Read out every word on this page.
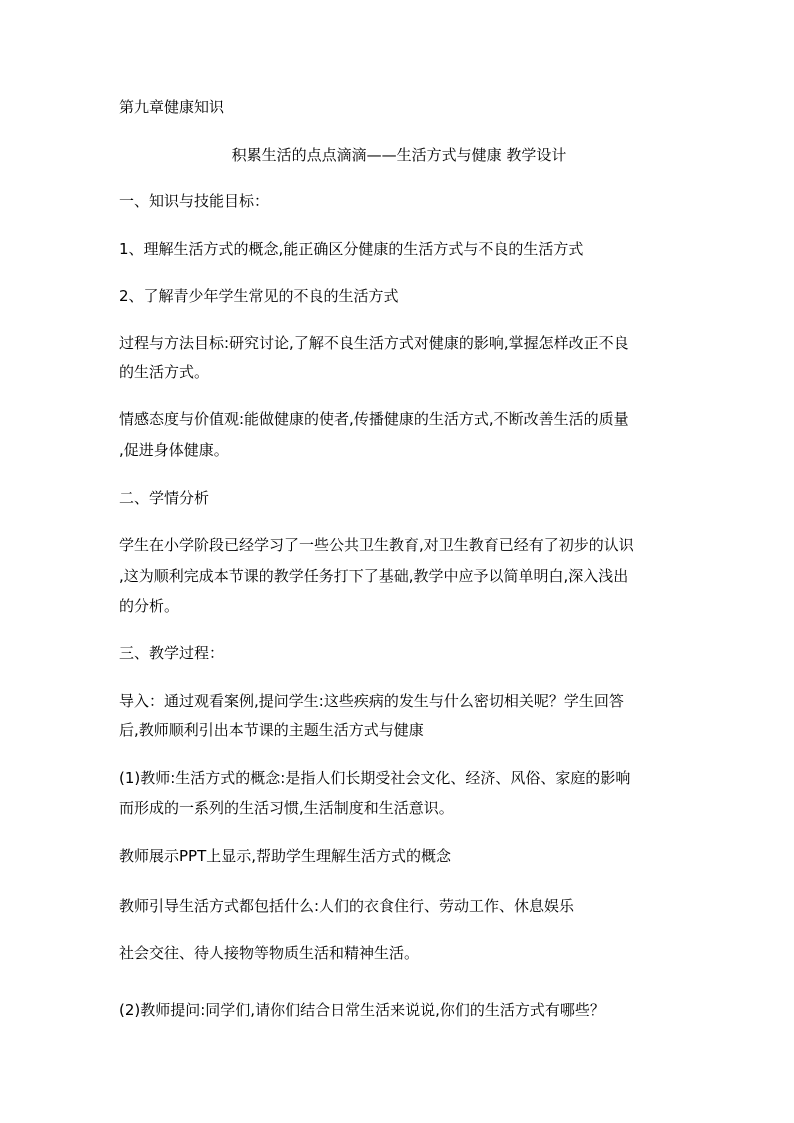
第九章健康知识
积累生活的点点滴滴——生活方式与健康 教学设计
一、知识与技能目标：
1、理解生活方式的概念,能正确区分健康的生活方式与不良的生活方式
2、了解青少年学生常见的不良的生活方式
过程与方法目标:研究讨论,了解不良生活方式对健康的影响,掌握怎样改正不良
的生活方式。
情感态度与价值观:能做健康的使者,传播健康的生活方式,不断改善生活的质量
,促进身体健康。
二、学情分析
学生在小学阶段已经学习了一些公共卫生教育,对卫生教育已经有了初步的认识
,这为顺利完成本节课的教学任务打下了基础,教学中应予以简单明白,深入浅出
的分析。
三、教学过程：
导入：通过观看案例,提问学生:这些疾病的发生与什么密切相关呢？学生回答
后,教师顺利引出本节课的主题生活方式与健康
(1)教师:生活方式的概念:是指人们长期受社会文化、经济、风俗、家庭的影响
而形成的一系列的生活习惯,生活制度和生活意识。
教师展示PPT上显示,帮助学生理解生活方式的概念
教师引导生活方式都包括什么:人们的衣食住行、劳动工作、休息娱乐
社会交往、待人接物等物质生活和精神生活。
(2)教师提问:同学们,请你们结合日常生活来说说,你们的生活方式有哪些？
